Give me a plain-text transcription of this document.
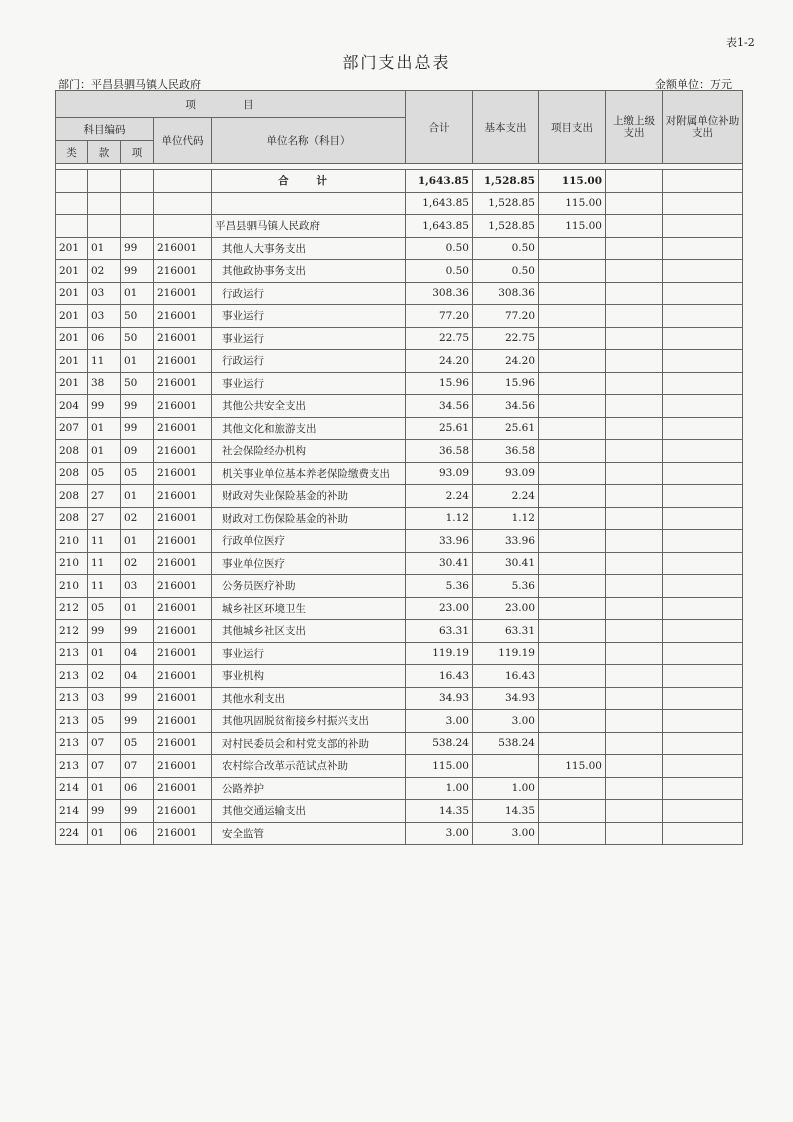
表1-2
部门支出总表
部门：平昌县驷马镇人民政府	金额单位：万元
项 目					合计	基本支出	项目支出	上缴上级支出	对附属单位补助支出
科目编码			单位代码	单位名称（科目）					
类	款	项							

				合 计	1,643.85	1,528.85	115.00		
					1,643.85	1,528.85	115.00		
				平昌县驷马镇人民政府	1,643.85	1,528.85	115.00		
201	01	99	216001	其他人大事务支出	0.50	0.50			
201	02	99	216001	其他政协事务支出	0.50	0.50			
201	03	01	216001	行政运行	308.36	308.36			
201	03	50	216001	事业运行	77.20	77.20			
201	06	50	216001	事业运行	22.75	22.75			
201	11	01	216001	行政运行	24.20	24.20			
201	38	50	216001	事业运行	15.96	15.96			
204	99	99	216001	其他公共安全支出	34.56	34.56			
207	01	99	216001	其他文化和旅游支出	25.61	25.61			
208	01	09	216001	社会保险经办机构	36.58	36.58			
208	05	05	216001	机关事业单位基本养老保险缴费支出	93.09	93.09			
208	27	01	216001	财政对失业保险基金的补助	2.24	2.24			
208	27	02	216001	财政对工伤保险基金的补助	1.12	1.12			
210	11	01	216001	行政单位医疗	33.96	33.96			
210	11	02	216001	事业单位医疗	30.41	30.41			
210	11	03	216001	公务员医疗补助	5.36	5.36			
212	05	01	216001	城乡社区环境卫生	23.00	23.00			
212	99	99	216001	其他城乡社区支出	63.31	63.31			
213	01	04	216001	事业运行	119.19	119.19			
213	02	04	216001	事业机构	16.43	16.43			
213	03	99	216001	其他水利支出	34.93	34.93			
213	05	99	216001	其他巩固脱贫衔接乡村振兴支出	3.00	3.00			
213	07	05	216001	对村民委员会和村党支部的补助	538.24	538.24			
213	07	07	216001	农村综合改革示范试点补助	115.00		115.00		
214	01	06	216001	公路养护	1.00	1.00			
214	99	99	216001	其他交通运输支出	14.35	14.35			
224	01	06	216001	安全监管	3.00	3.00			
